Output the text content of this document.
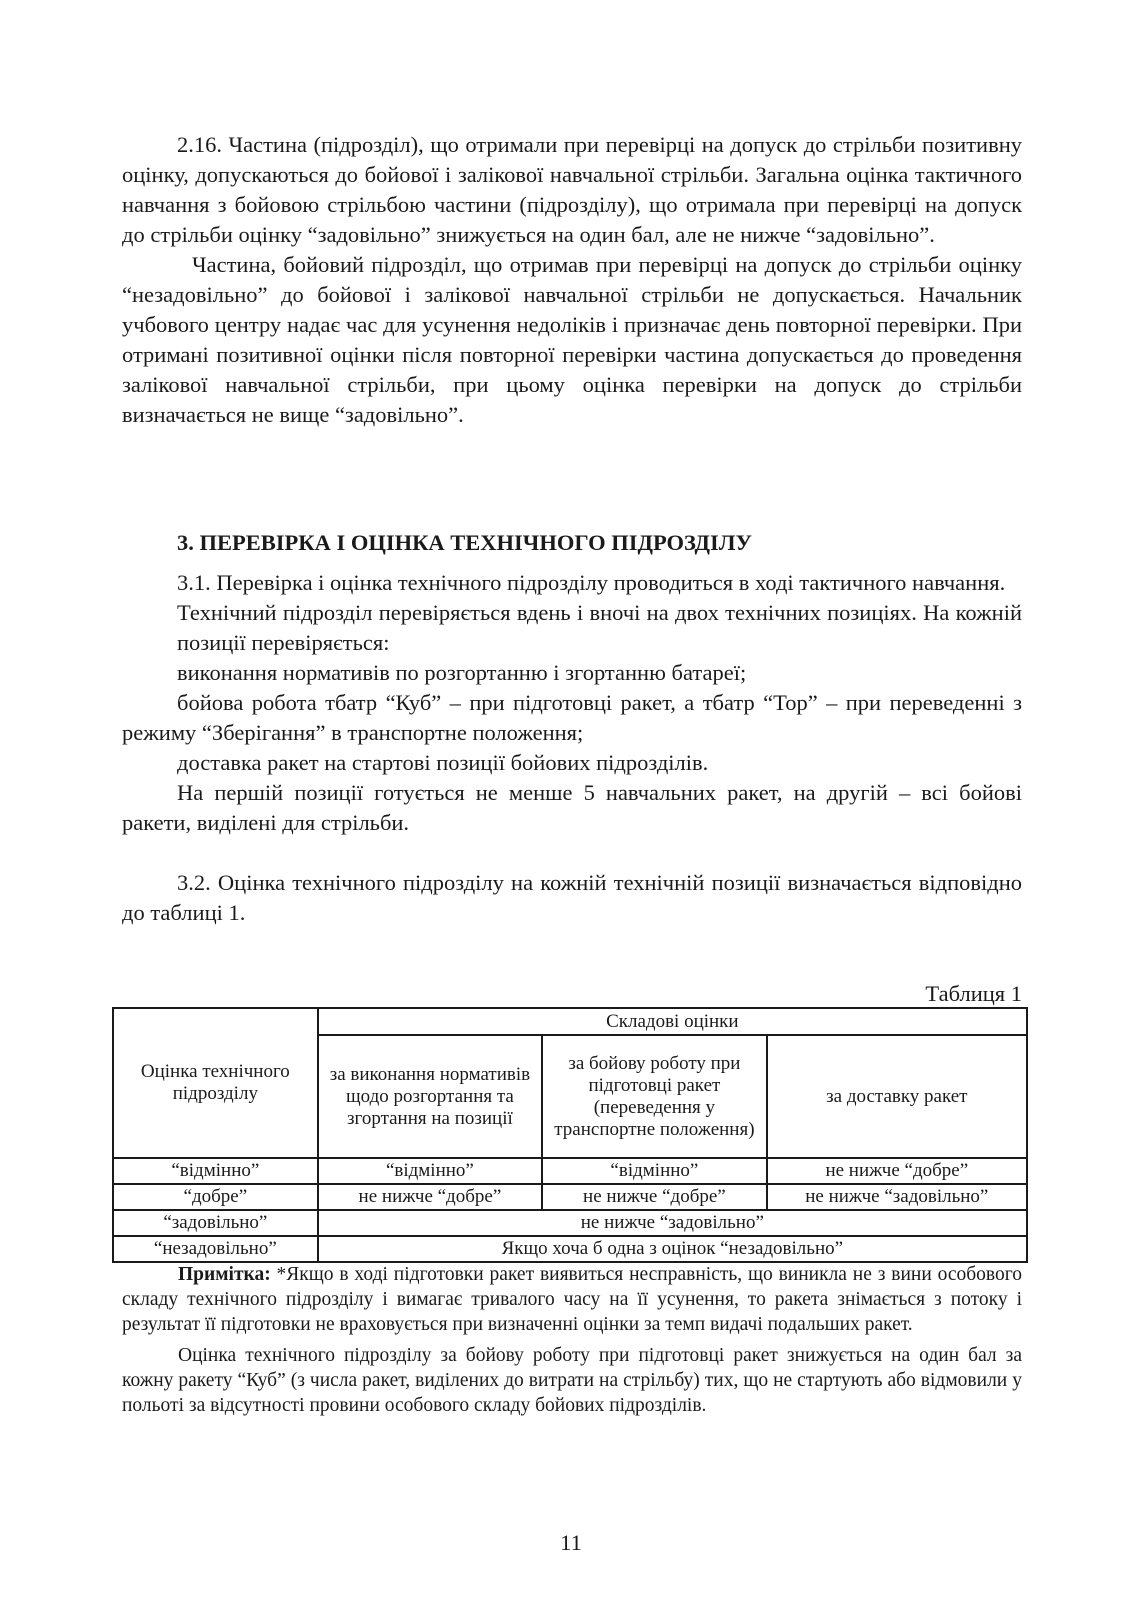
2.16. Частина (підрозділ), що отримали при перевірці на допуск до стрільби позитивну оцінку, допускаються до бойової і залікової навчальної стрільби. Загальна оцінка тактичного навчання з бойовою стрільбою частини (підрозділу), що отримала при перевірці на допуск до стрільби оцінку “задовільно” знижується на один бал, але не нижче “задовільно”.

Частина, бойовий підрозділ, що отримав при перевірці на допуск до стрільби оцінку “незадовільно” до бойової і залікової навчальної стрільби не допускається. Начальник учбового центру надає час для усунення недоліків і призначає день повторної перевірки. При отримані позитивної оцінки після повторної перевірки частина допускається до проведення залікової навчальної стрільби, при цьому оцінка перевірки на допуск до стрільби визначається не вище “задовільно”.

3. ПЕРЕВІРКА І ОЦІНКА ТЕХНІЧНОГО ПІДРОЗДІЛУ

3.1. Перевірка і оцінка технічного підрозділу проводиться в ході тактичного навчання.

Технічний підрозділ перевіряється вдень і вночі на двох технічних позиціях. На кожній позиції перевіряється:

виконання нормативів по розгортанню і згортанню батареї;

бойова робота тбатр “Куб” – при підготовці ракет, а тбатр “Тор” – при переведенні з режиму “Зберігання” в транспортне положення;

доставка ракет на стартові позиції бойових підрозділів.

На першій позиції готується не менше 5 навчальних ракет, на другій – всі бойові ракети, виділені для стрільби.

3.2. Оцінка технічного підрозділу на кожній технічній позиції визначається відповідно до таблиці 1.

Таблиця 1
Оцінка технічного підрозділу	Складові оцінки		
	за виконання нормативів щодо розгортання та згортання на позиції	за бойову роботу при підготовці ракет (переведення у транспортне положення)	за доставку ракет
“відмінно”	“відмінно”	“відмінно”	не нижче “добре”
“добре”	не нижче “добре”	не нижче “добре”	не нижче “задовільно”
“задовільно”	не нижче “задовільно”		
“незадовільно”	Якщо хоча б одна з оцінок “незадовільно”		

Примітка: *Якщо в ході підготовки ракет виявиться несправність, що виникла не з вини особового складу технічного підрозділу і вимагає тривалого часу на її усунення, то ракета знімається з потоку і результат її підготовки не враховується при визначенні оцінки за темп видачі подальших ракет.

Оцінка технічного підрозділу за бойову роботу при підготовці ракет знижується на один бал за кожну ракету “Куб” (з числа ракет, виділених до витрати на стрільбу) тих, що не стартують або відмовили у польоті за відсутності провини особового складу бойових підрозділів.

11
